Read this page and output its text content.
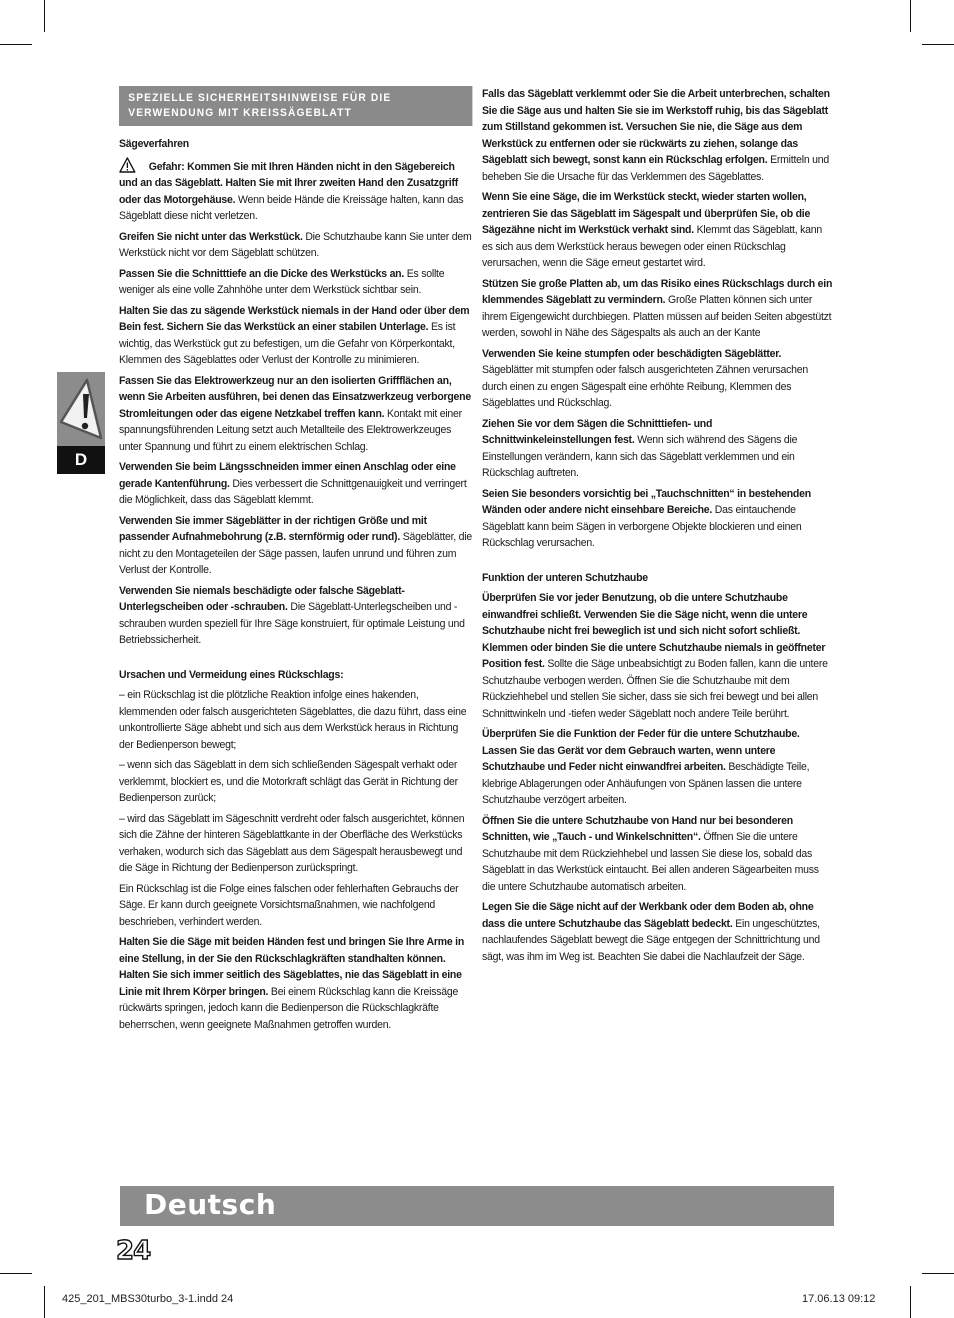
D
SPEZIELLE SICHERHEITSHINWEISE FÜR DIE VERWENDUNG MIT KREISSÄGEBLATT

Sägeverfahren

Gefahr: Kommen Sie mit Ihren Händen nicht in den Sägebereich und an das Sägeblatt. Halten Sie mit Ihrer zweiten Hand den Zusatzgriff oder das Motorgehäuse. Wenn beide Hände die Kreissäge halten, kann das Sägeblatt diese nicht verletzen.

Greifen Sie nicht unter das Werkstück. Die Schutzhaube kann Sie unter dem Werkstück nicht vor dem Sägeblatt schützen.

Passen Sie die Schnitttiefe an die Dicke des Werkstücks an. Es sollte weniger als eine volle Zahnhöhe unter dem Werkstück sichtbar sein.

Halten Sie das zu sägende Werkstück niemals in der Hand oder über dem Bein fest. Sichern Sie das Werkstück an einer stabilen Unterlage. Es ist wichtig, das Werkstück gut zu befestigen, um die Gefahr von Körperkontakt, Klemmen des Sägeblattes oder Verlust der Kontrolle zu minimieren.

Fassen Sie das Elektrowerkzeug nur an den isolierten Griffflächen an, wenn Sie Arbeiten ausführen, bei denen das Einsatzwerkzeug verborgene Stromleitungen oder das eigene Netzkabel treffen kann. Kontakt mit einer spannungsführenden Leitung setzt auch Metallteile des Elektrowerkzeuges unter Spannung und führt zu einem elektrischen Schlag.

Verwenden Sie beim Längsschneiden immer einen Anschlag oder eine gerade Kantenführung. Dies verbessert die Schnittgenauigkeit und verringert die Möglichkeit, dass das Sägeblatt klemmt.

Verwenden Sie immer Sägeblätter in der richtigen Größe und mit passender Aufnahmebohrung (z.B. sternförmig oder rund). Sägeblätter, die nicht zu den Montageteilen der Säge passen, laufen unrund und führen zum Verlust der Kontrolle.

Verwenden Sie niemals beschädigte oder falsche Sägeblatt-Unterlegscheiben oder -schrauben. Die Sägeblatt-Unterlegscheiben und -schrauben wurden speziell für Ihre Säge konstruiert, für optimale Leistung und Betriebssicherheit.

Ursachen und Vermeidung eines Rückschlags:

– ein Rückschlag ist die plötzliche Reaktion infolge eines hakenden, klemmenden oder falsch ausgerichteten Sägeblattes, die dazu führt, dass eine unkontrollierte Säge abhebt und sich aus dem Werkstück heraus in Richtung der Bedienperson bewegt;

– wenn sich das Sägeblatt in dem sich schließenden Sägespalt verhakt oder verklemmt, blockiert es, und die Motorkraft schlägt das Gerät in Richtung der Bedienperson zurück;

– wird das Sägeblatt im Sägeschnitt verdreht oder falsch ausgerichtet, können sich die Zähne der hinteren Sägeblattkante in der Oberfläche des Werkstücks verhaken, wodurch sich das Sägeblatt aus dem Sägespalt herausbewegt und die Säge in Richtung der Bedienperson zurückspringt.

Ein Rückschlag ist die Folge eines falschen oder fehlerhaften Gebrauchs der Säge. Er kann durch geeignete Vorsichtsmaßnahmen, wie nachfolgend beschrieben, verhindert werden.

Halten Sie die Säge mit beiden Händen fest und bringen Sie Ihre Arme in eine Stellung, in der Sie den Rückschlagkräften standhalten können. Halten Sie sich immer seitlich des Sägeblattes, nie das Sägeblatt in eine Linie mit Ihrem Körper bringen. Bei einem Rückschlag kann die Kreissäge rückwärts springen, jedoch kann die Bedienperson die Rückschlagkräfte beherrschen, wenn geeignete Maßnahmen getroffen wurden.

Falls das Sägeblatt verklemmt oder Sie die Arbeit unterbrechen, schalten Sie die Säge aus und halten Sie sie im Werkstoff ruhig, bis das Sägeblatt zum Stillstand gekommen ist. Versuchen Sie nie, die Säge aus dem Werkstück zu entfernen oder sie rückwärts zu ziehen, solange das Sägeblatt sich bewegt, sonst kann ein Rückschlag erfolgen. Ermitteln und beheben Sie die Ursache für das Verklemmen des Sägeblattes.

Wenn Sie eine Säge, die im Werkstück steckt, wieder starten wollen, zentrieren Sie das Sägeblatt im Sägespalt und überprüfen Sie, ob die Sägezähne nicht im Werkstück verhakt sind. Klemmt das Sägeblatt, kann es sich aus dem Werkstück heraus bewegen oder einen Rückschlag verursachen, wenn die Säge erneut gestartet wird.

Stützen Sie große Platten ab, um das Risiko eines Rückschlags durch ein klemmendes Sägeblatt zu vermindern. Große Platten können sich unter ihrem Eigengewicht durchbiegen. Platten müssen auf beiden Seiten abgestützt werden, sowohl in Nähe des Sägespalts als auch an der Kante

Verwenden Sie keine stumpfen oder beschädigten Sägeblätter. Sägeblätter mit stumpfen oder falsch ausgerichteten Zähnen verursachen durch einen zu engen Sägespalt eine erhöhte Reibung, Klemmen des Sägeblattes und Rückschlag.

Ziehen Sie vor dem Sägen die Schnitttiefen- und Schnittwinkeleinstellungen fest. Wenn sich während des Sägens die Einstellungen verändern, kann sich das Sägeblatt verklemmen und ein Rückschlag auftreten.

Seien Sie besonders vorsichtig bei „Tauchschnitten“ in bestehenden Wänden oder andere nicht einsehbare Bereiche. Das eintauchende Sägeblatt kann beim Sägen in verborgene Objekte blockieren und einen Rückschlag verursachen.

Funktion der unteren Schutzhaube

Überprüfen Sie vor jeder Benutzung, ob die untere Schutzhaube einwandfrei schließt. Verwenden Sie die Säge nicht, wenn die untere Schutzhaube nicht frei beweglich ist und sich nicht sofort schließt. Klemmen oder binden Sie die untere Schutzhaube niemals in geöffneter Position fest. Sollte die Säge unbeabsichtigt zu Boden fallen, kann die untere Schutzhaube verbogen werden. Öffnen Sie die Schutzhaube mit dem Rückziehhebel und stellen Sie sicher, dass sie sich frei bewegt und bei allen Schnittwinkeln und -tiefen weder Sägeblatt noch andere Teile berührt.

Überprüfen Sie die Funktion der Feder für die untere Schutzhaube. Lassen Sie das Gerät vor dem Gebrauch warten, wenn untere Schutzhaube und Feder nicht einwandfrei arbeiten. Beschädigte Teile, klebrige Ablagerungen oder Anhäufungen von Spänen lassen die untere Schutzhaube verzögert arbeiten.

Öffnen Sie die untere Schutzhaube von Hand nur bei besonderen Schnitten, wie „Tauch - und Winkelschnitten“. Öffnen Sie die untere Schutzhaube mit dem Rückziehhebel und lassen Sie diese los, sobald das Sägeblatt in das Werkstück eintaucht. Bei allen anderen Sägearbeiten muss die untere Schutzhaube automatisch arbeiten.

Legen Sie die Säge nicht auf der Werkbank oder dem Boden ab, ohne dass die untere Schutzhaube das Sägeblatt bedeckt. Ein ungeschütztes, nachlaufendes Sägeblatt bewegt die Säge entgegen der Schnittrichtung und sägt, was ihm im Weg ist. Beachten Sie dabei die Nachlaufzeit der Säge.

Deutsch
24
425_201_MBS30turbo_3-1.indd 24	17.06.13 09:12
